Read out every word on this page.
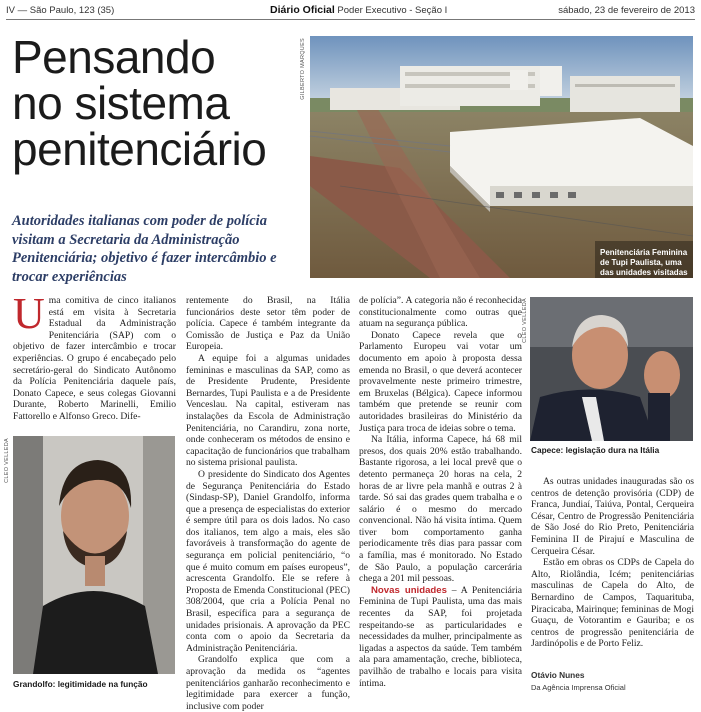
IV — São Paulo, 123 (35)	Diário Oficial Poder Executivo - Seção I	sábado, 23 de fevereiro de 2013
Pensando
no sistema
penitenciário
Autoridades italianas com poder de polícia visitam a Secretaria da Administração Penitenciária; objetivo é fazer intercâmbio e trocar experiências
GILBERTO MARQUES
Penitenciária Feminina de Tupi Paulista, uma das unidades visitadas

Uma comitiva de cinco italianos está em visita à Secretaria Estadual da Administração Penitenciária (SAP) com o objetivo de fazer intercâmbio e trocar experiências. O grupo é encabeçado pelo secretário-geral do Sindicato Autônomo da Polícia Penitenciária daquele país, Donato Capece, e seus colegas Giovanni Durante, Roberto Marinelli, Emilio Fattorello e Alfonso Greco. Dife-

CLEO VELLEDA
Grandolfo: legitimidade na função

rentemente do Brasil, na Itália funcionários deste setor têm poder de polícia. Capece é também integrante da Comissão de Justiça e Paz da União Europeia.

A equipe foi a algumas unidades femininas e masculinas da SAP, como as de Presidente Prudente, Presidente Bernardes, Tupi Paulista e a de Presidente Venceslau. Na capital, estiveram nas instalações da Escola de Administração Penitenciária, no Carandiru, zona norte, onde conheceram os métodos de ensino e capacitação de funcionários que trabalham no sistema prisional paulista.

O presidente do Sindicato dos Agentes de Segurança Penitenciária do Estado (Sindasp-SP), Daniel Grandolfo, informa que a presença de especialistas do exterior é sempre útil para os dois lados. No caso dos italianos, tem algo a mais, eles são favoráveis à transformação do agente de segurança em policial penitenciário, “o que é muito comum em países europeus”, acrescenta Grandolfo. Ele se refere à Proposta de Emenda Constitucional (PEC) 308/2004, que cria a Polícia Penal no Brasil, específica para a segurança de unidades prisionais. A aprovação da PEC conta com o apoio da Secretaria da Administração Penitenciária.

Grandolfo explica que com a aprovação da medida os “agentes penitenciários ganharão reconhecimento e legitimidade para exercer a função, inclusive com poder

de polícia”. A categoria não é reconhecida constitucionalmente como outras que atuam na segurança pública.

Donato Capece revela que o Parlamento Europeu vai votar um documento em apoio à proposta dessa emenda no Brasil, o que deverá acontecer provavelmente neste primeiro trimestre, em Bruxelas (Bélgica). Capece informou também que pretende se reunir com autoridades brasileiras do Ministério da Justiça para troca de ideias sobre o tema.

Na Itália, informa Capece, há 68 mil presos, dos quais 20% estão trabalhando. Bastante rigorosa, a lei local prevê que o detento permaneça 20 horas na cela, 2 horas de ar livre pela manhã e outras 2 à tarde. Só sai das grades quem trabalha e o salário é o mesmo do mercado convencional. Não há visita íntima. Quem tiver bom comportamento ganha periodicamente três dias para passar com a família, mas é monitorado. No Estado de São Paulo, a população carcerária chega a 201 mil pessoas.

Novas unidades – A Penitenciária Feminina de Tupi Paulista, uma das mais recentes da SAP, foi projetada respeitando-se as particularidades e necessidades da mulher, principalmente as ligadas a aspectos da saúde. Tem também ala para amamentação, creche, biblioteca, pavilhão de trabalho e locais para visita íntima.

CLEO VELLEDA
Capece: legislação dura na Itália

As outras unidades inauguradas são os centros de detenção provisória (CDP) de Franca, Jundiaí, Taiúva, Pontal, Cerqueira César, Centro de Progressão Penitenciária de São José do Rio Preto, Penitenciária Feminina II de Pirajuí e Masculina de Cerqueira César.

Estão em obras os CDPs de Capela do Alto, Riolândia, Icém; penitenciárias masculinas de Capela do Alto, de Bernardino de Campos, Taquarituba, Piracicaba, Mairinque; femininas de Mogi Guaçu, de Votorantim e Gauriba; e os centros de progressão penitenciária de Jardinópolis e de Porto Feliz.

Otávio Nunes
Da Agência Imprensa Oficial
